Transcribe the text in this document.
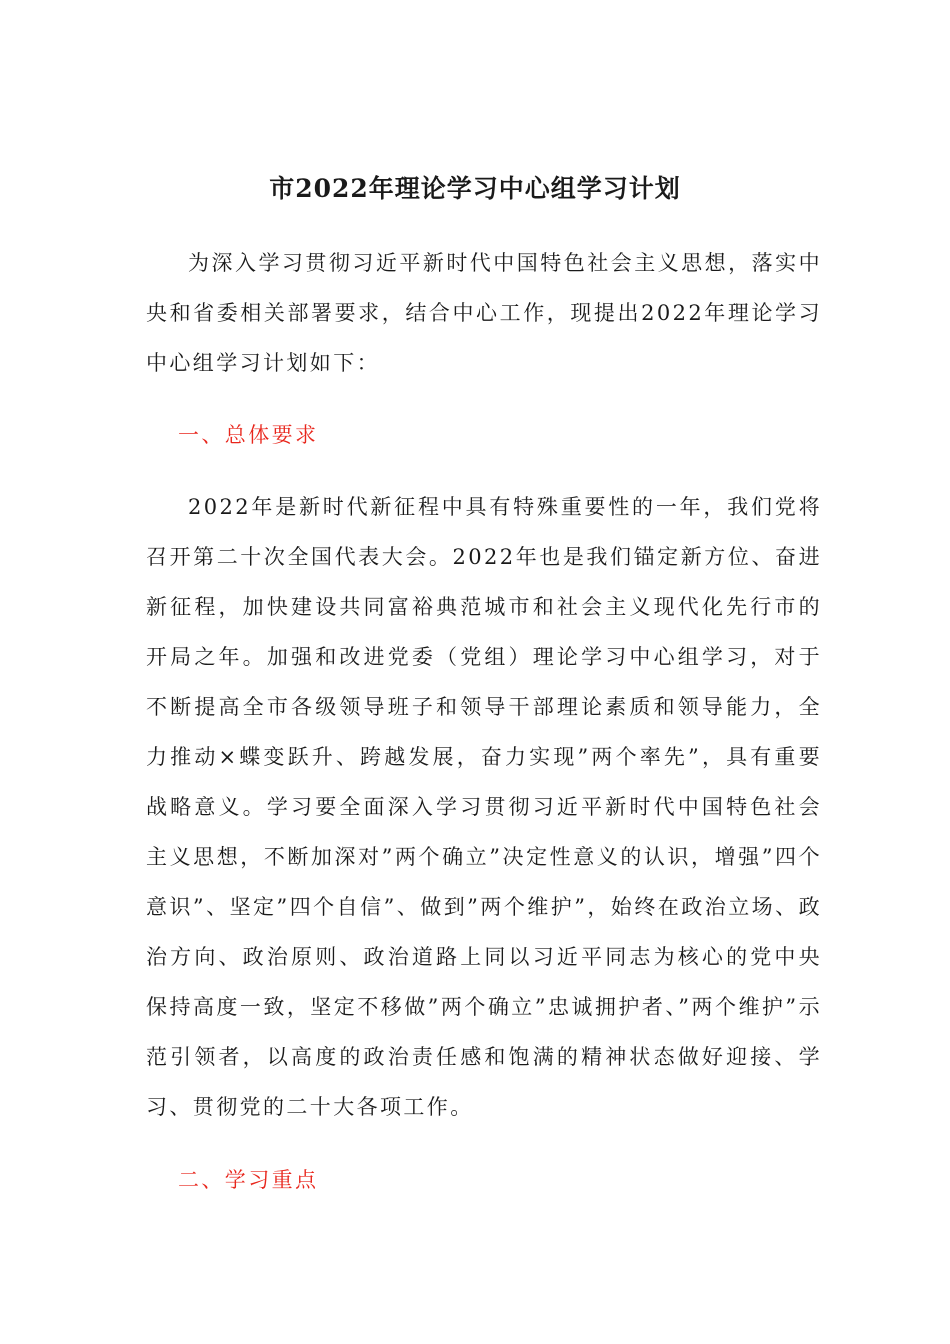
市2022年理论学习中心组学习计划

为深入学习贯彻习近平新时代中国特色社会主义思想，落实中央和省委相关部署要求，结合中心工作，现提出2022年理论学习中心组学习计划如下：

一、总体要求

2022年是新时代新征程中具有特殊重要性的一年，我们党将召开第二十次全国代表大会。2022年也是我们锚定新方位、奋进新征程，加快建设共同富裕典范城市和社会主义现代化先行市的开局之年。加强和改进党委（党组）理论学习中心组学习，对于不断提高全市各级领导班子和领导干部理论素质和领导能力，全力推动×蝶变跃升、跨越发展，奋力实现”两个率先”，具有重要战略意义。学习要全面深入学习贯彻习近平新时代中国特色社会主义思想，不断加深对”两个确立”决定性意义的认识，增强”四个意识”、坚定”四个自信”、做到”两个维护”，始终在政治立场、政治方向、政治原则、政治道路上同以习近平同志为核心的党中央保持高度一致，坚定不移做”两个确立”忠诚拥护者、”两个维护”示范引领者，以高度的政治责任感和饱满的精神状态做好迎接、学习、贯彻党的二十大各项工作。

二、学习重点
